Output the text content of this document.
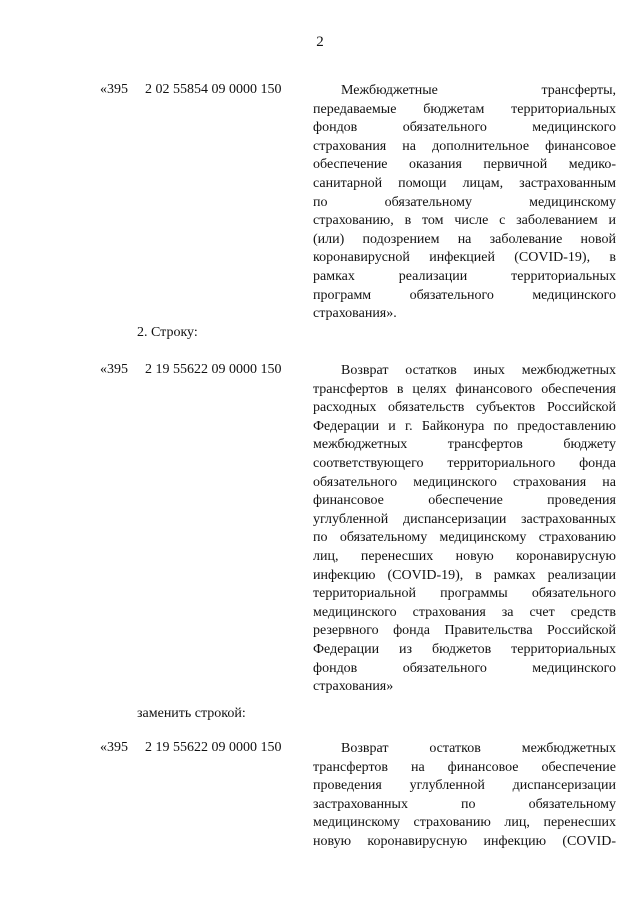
2
«395 2 02 55854 09 0000 150	Межбюджетные трансферты,
передаваемые бюджетам территориальных
фондов обязательного медицинского
страхования на дополнительное финансовое
обеспечение оказания первичной медико-
санитарной помощи лицам, застрахованным
по обязательному медицинскому
страхованию, в том числе с заболеванием и
(или) подозрением на заболевание новой
коронавирусной инфекцией (COVID-19), в
рамках реализации территориальных
программ обязательного медицинского
страхования».
2. Строку:
«395 2 19 55622 09 0000 150	Возврат остатков иных межбюджетных
трансфертов в целях финансового обеспечения
расходных обязательств субъектов Российской
Федерации и г. Байконура по предоставлению
межбюджетных трансфертов бюджету
соответствующего территориального фонда
обязательного медицинского страхования на
финансовое обеспечение проведения
углубленной диспансеризации застрахованных
по обязательному медицинскому страхованию
лиц, перенесших новую коронавирусную
инфекцию (COVID-19), в рамках реализации
территориальной программы обязательного
медицинского страхования за счет средств
резервного фонда Правительства Российской
Федерации из бюджетов территориальных
фондов обязательного медицинского
страхования»
заменить строкой:
«395 2 19 55622 09 0000 150	Возврат остатков межбюджетных
трансфертов на финансовое обеспечение
проведения углубленной диспансеризации
застрахованных по обязательному
медицинскому страхованию лиц, перенесших
новую коронавирусную инфекцию (COVID-
